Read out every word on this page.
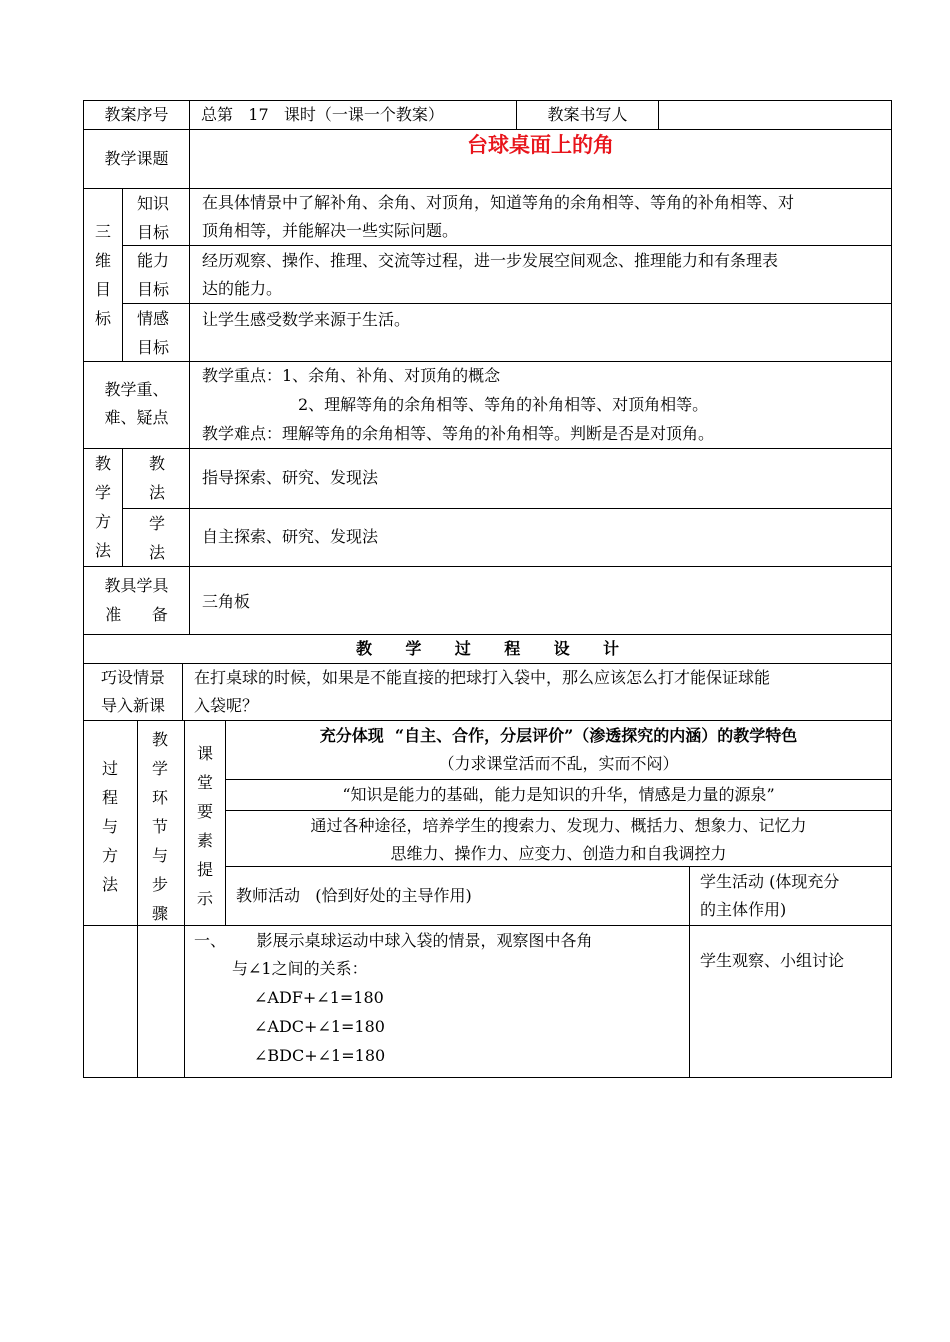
教案序号	总第   17   课时（一课一个教案）	教案书写人
教学课题
台球桌面上的角
三维目标
知识目标
在具体情景中了解补角、余角、对顶角，知道等角的余角相等、等角的补角相等、对
顶角相等，并能解决一些实际问题。
能力目标
经历观察、操作、推理、交流等过程，进一步发展空间观念、推理能力和有条理表
达的能力。
情感目标
让学生感受数学来源于生活。
教学重、
难、疑点
教学重点：1、余角、补角、对顶角的概念
2、理解等角的余角相等、等角的补角相等、对顶角相等。
教学难点：理解等角的余角相等、等角的补角相等。判断是否是对顶角。
教学方法
教法
指导探索、研究、发现法
学法
自主探索、研究、发现法
教具学具
准      备
三角板
教      学      过      程      设      计
巧设情景
导入新课
在打桌球的时候，如果是不能直接的把球打入袋中，那么应该怎么打才能保证球能
入袋呢？
过程与方法
教学环节与步骤
课堂要素提示
充分体现  “自主、合作，分层评价”（渗透探究的内涵）的教学特色
（力求课堂活而不乱，实而不闷）
“知识是能力的基础，能力是知识的升华，情感是力量的源泉”
通过各种途径，培养学生的搜索力、发现力、概括力、想象力、记忆力
思维力、操作力、应变力、创造力和自我调控力
教师活动   (恰到好处的主导作用)
学生活动 (体现充分
的主体作用)
一、      影展示桌球运动中球入袋的情景，观察图中各角
与∠1之间的关系：
∠ADF+∠1=180
∠ADC+∠1=180
∠BDC+∠1=180
学生观察、小组讨论
